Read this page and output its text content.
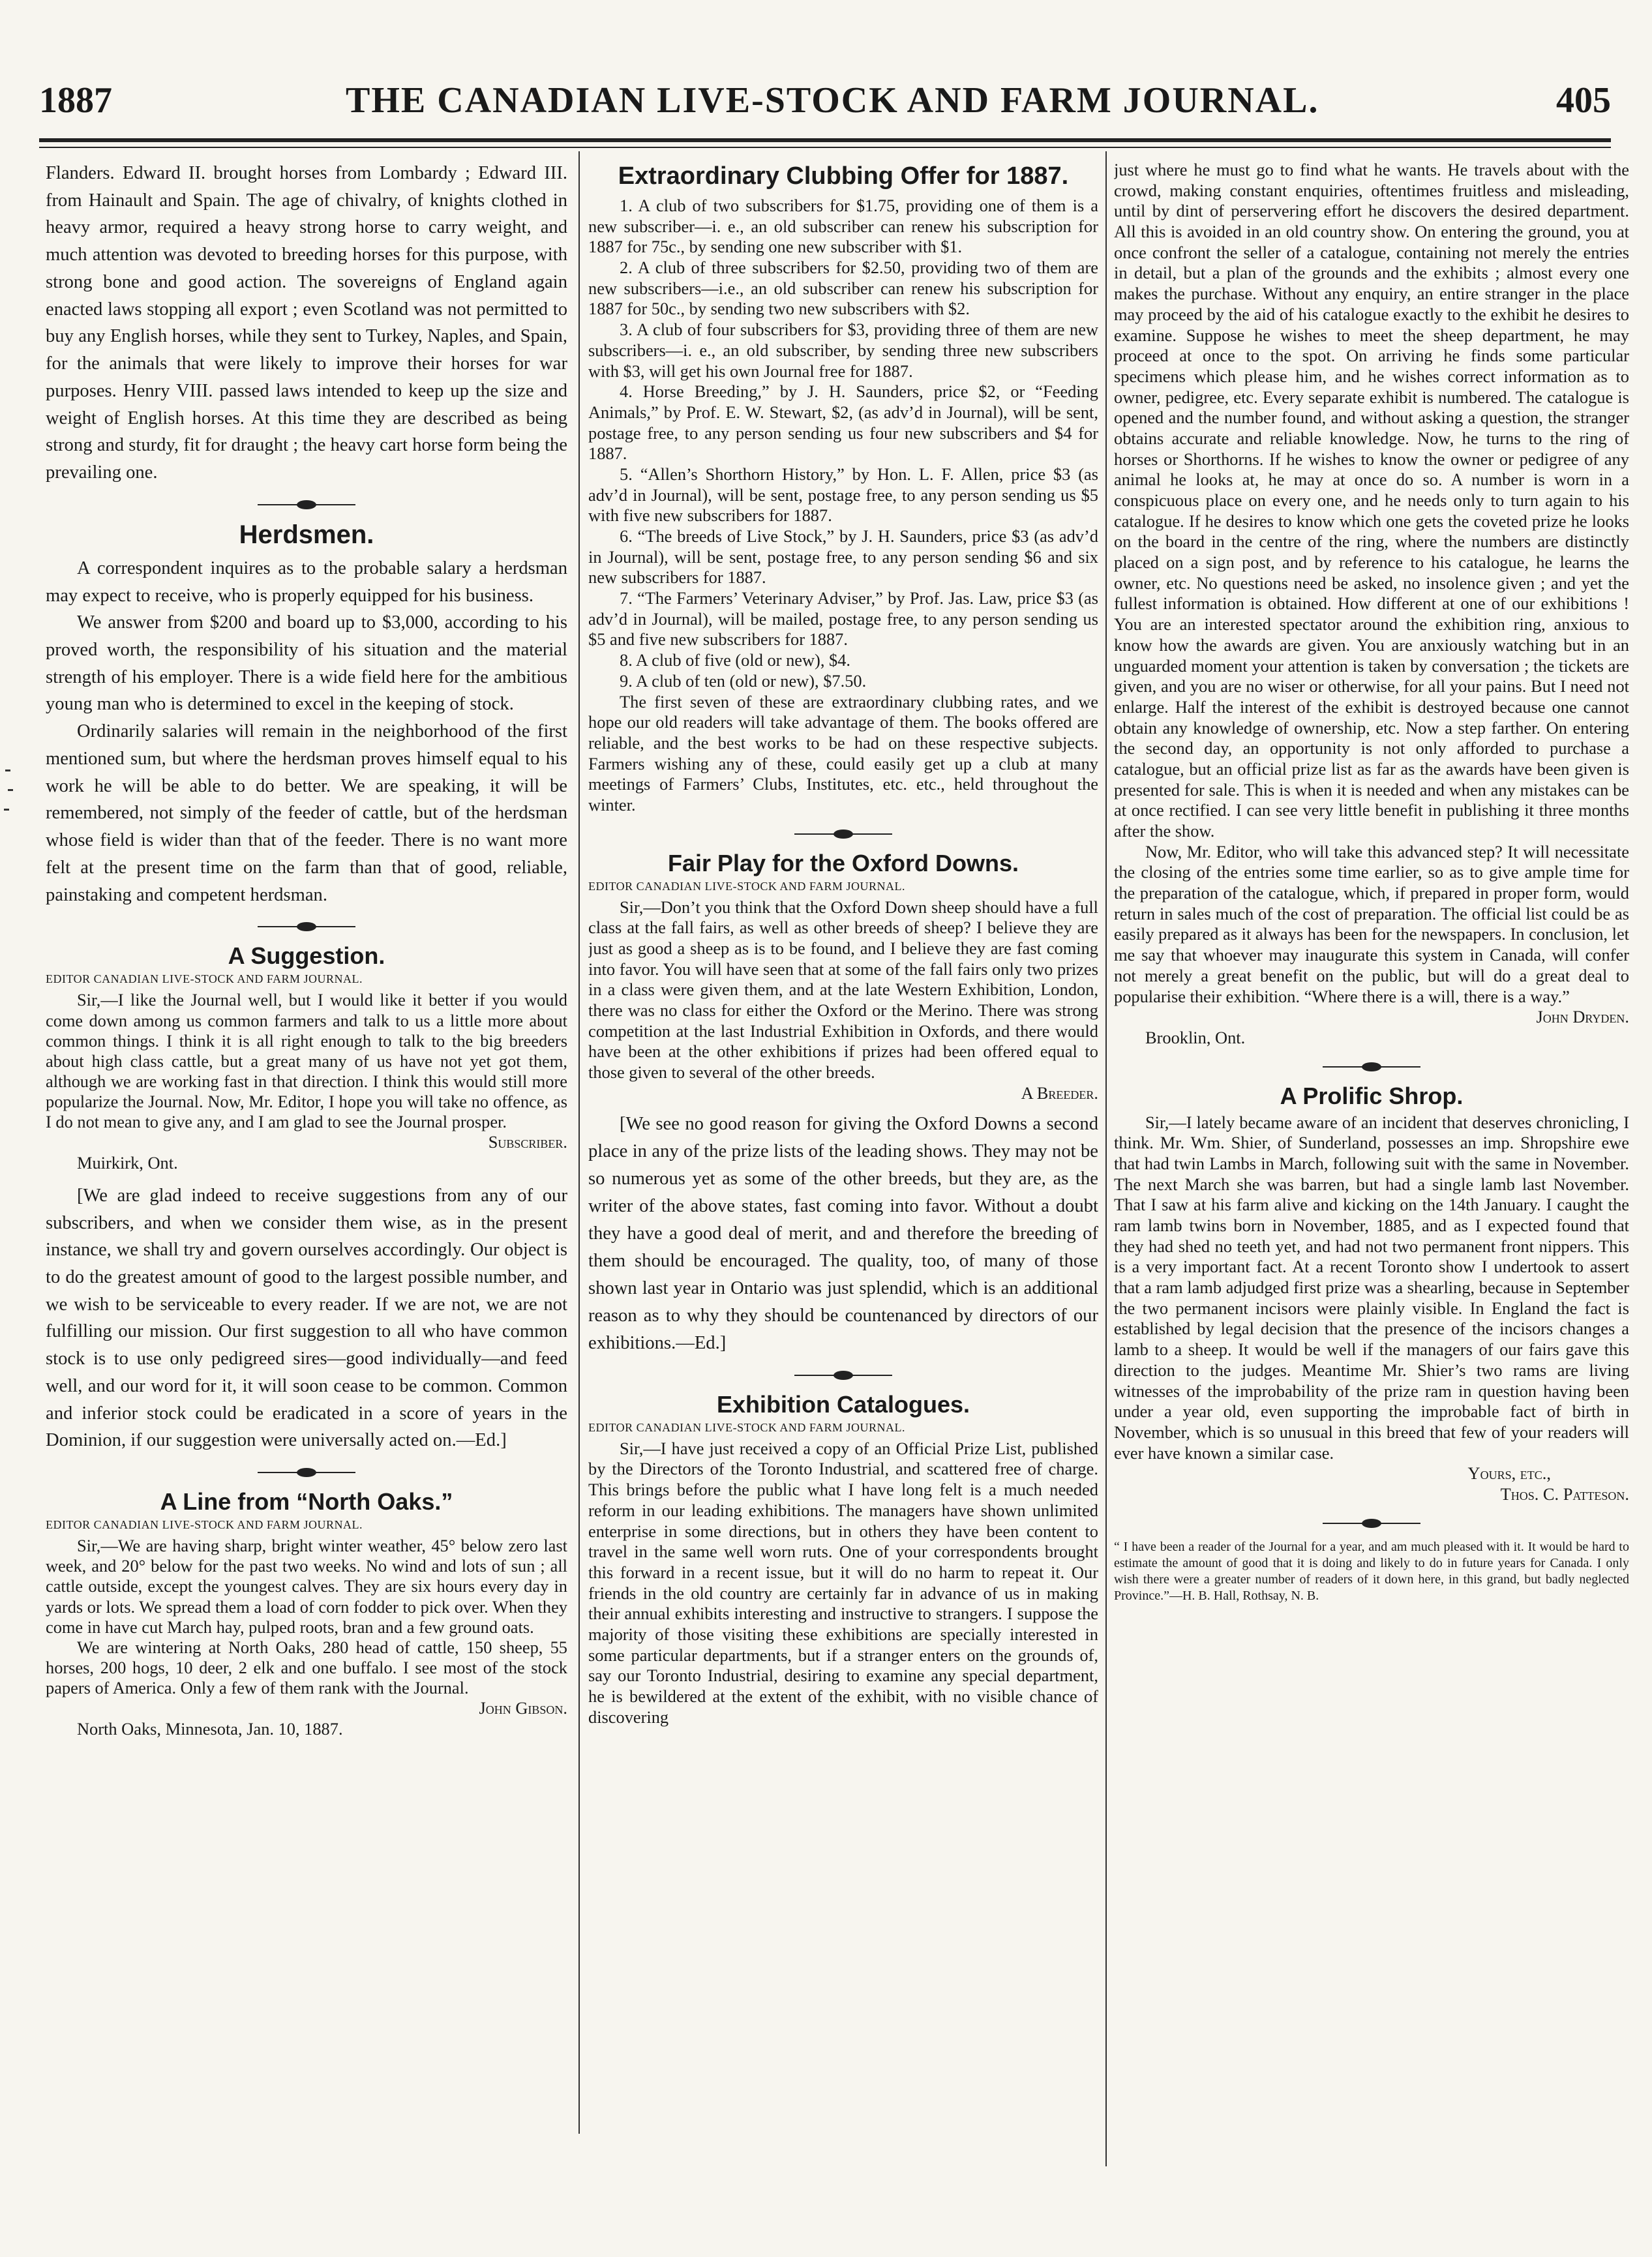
1887	THE CANADIAN LIVE-STOCK AND FARM JOURNAL.	405

Flanders. Edward II. brought horses from Lombardy ; Edward III. from Hainault and Spain. The age of chivalry, of knights clothed in heavy armor, required a heavy strong horse to carry weight, and much attention was devoted to breeding horses for this purpose, with strong bone and good action. The sovereigns of England again enacted laws stopping all export ; even Scotland was not permitted to buy any English horses, while they sent to Turkey, Naples, and Spain, for the animals that were likely to improve their horses for war purposes. Henry VIII. passed laws intended to keep up the size and weight of English horses. At this time they are described as being strong and sturdy, fit for draught ; the heavy cart horse form being the prevailing one.

Herdsmen.

A correspondent inquires as to the probable salary a herdsman may expect to receive, who is properly equipped for his business.

We answer from $200 and board up to $3,000, according to his proved worth, the responsibility of his situation and the material strength of his employer. There is a wide field here for the ambitious young man who is determined to excel in the keeping of stock.

Ordinarily salaries will remain in the neighborhood of the first mentioned sum, but where the herdsman proves himself equal to his work he will be able to do better. We are speaking, it will be remembered, not simply of the feeder of cattle, but of the herdsman whose field is wider than that of the feeder. There is no want more felt at the present time on the farm than that of good, reliable, painstaking and competent herdsman.

A Suggestion.
EDITOR CANADIAN LIVE-STOCK AND FARM JOURNAL.

Sir,—I like the Journal well, but I would like it better if you would come down among us common farmers and talk to us a little more about common things. I think it is all right enough to talk to the big breeders about high class cattle, but a great many of us have not yet got them, although we are working fast in that direction. I think this would still more popularize the Journal. Now, Mr. Editor, I hope you will take no offence, as I do not mean to give any, and I am glad to see the Journal prosper.

Subscriber.

Muirkirk, Ont.

[We are glad indeed to receive suggestions from any of our subscribers, and when we consider them wise, as in the present instance, we shall try and govern ourselves accordingly. Our object is to do the greatest amount of good to the largest possible number, and we wish to be serviceable to every reader. If we are not, we are not fulfilling our mission. Our first suggestion to all who have common stock is to use only pedigreed sires—good individually—and feed well, and our word for it, it will soon cease to be common. Common and inferior stock could be eradicated in a score of years in the Dominion, if our suggestion were universally acted on.—Ed.]

A Line from “North Oaks.”
EDITOR CANADIAN LIVE-STOCK AND FARM JOURNAL.

Sir,—We are having sharp, bright winter weather, 45° below zero last week, and 20° below for the past two weeks. No wind and lots of sun ; all cattle outside, except the youngest calves. They are six hours every day in yards or lots. We spread them a load of corn fodder to pick over. When they come in have cut March hay, pulped roots, bran and a few ground oats.

We are wintering at North Oaks, 280 head of cattle, 150 sheep, 55 horses, 200 hogs, 10 deer, 2 elk and one buffalo. I see most of the stock papers of America. Only a few of them rank with the Journal.

John Gibson.

North Oaks, Minnesota, Jan. 10, 1887.

Extraordinary Clubbing Offer for 1887.

1. A club of two subscribers for $1.75, providing one of them is a new subscriber—i. e., an old subscriber can renew his subscription for 1887 for 75c., by sending one new subscriber with $1.

2. A club of three subscribers for $2.50, providing two of them are new subscribers—i.e., an old subscriber can renew his subscription for 1887 for 50c., by sending two new subscribers with $2.

3. A club of four subscribers for $3, providing three of them are new subscribers—i. e., an old subscriber, by sending three new subscribers with $3, will get his own Journal free for 1887.

4. Horse Breeding,” by J. H. Saunders, price $2, or “Feeding Animals,” by Prof. E. W. Stewart, $2, (as adv’d in Journal), will be sent, postage free, to any person sending us four new subscribers and $4 for 1887.

5. “Allen’s Shorthorn History,” by Hon. L. F. Allen, price $3 (as adv’d in Journal), will be sent, postage free, to any person sending us $5 with five new subscribers for 1887.

6. “The breeds of Live Stock,” by J. H. Saunders, price $3 (as adv’d in Journal), will be sent, postage free, to any person sending $6 and six new subscribers for 1887.

7. “The Farmers’ Veterinary Adviser,” by Prof. Jas. Law, price $3 (as adv’d in Journal), will be mailed, postage free, to any person sending us $5 and five new subscribers for 1887.

8. A club of five (old or new), $4.

9. A club of ten (old or new), $7.50.

The first seven of these are extraordinary clubbing rates, and we hope our old readers will take advantage of them. The books offered are reliable, and the best works to be had on these respective subjects. Farmers wishing any of these, could easily get up a club at many meetings of Farmers’ Clubs, Institutes, etc. etc., held throughout the winter.

Fair Play for the Oxford Downs.
EDITOR CANADIAN LIVE-STOCK AND FARM JOURNAL.

Sir,—Don’t you think that the Oxford Down sheep should have a full class at the fall fairs, as well as other breeds of sheep? I believe they are just as good a sheep as is to be found, and I believe they are fast coming into favor. You will have seen that at some of the fall fairs only two prizes in a class were given them, and at the late Western Exhibition, London, there was no class for either the Oxford or the Merino. There was strong competition at the last Industrial Exhibition in Oxfords, and there would have been at the other exhibitions if prizes had been offered equal to those given to several of the other breeds.

A Breeder.

[We see no good reason for giving the Oxford Downs a second place in any of the prize lists of the leading shows. They may not be so numerous yet as some of the other breeds, but they are, as the writer of the above states, fast coming into favor. Without a doubt they have a good deal of merit, and and therefore the breeding of them should be encouraged. The quality, too, of many of those shown last year in Ontario was just splendid, which is an additional reason as to why they should be countenanced by directors of our exhibitions.—Ed.]

Exhibition Catalogues.
EDITOR CANADIAN LIVE-STOCK AND FARM JOURNAL.

Sir,—I have just received a copy of an Official Prize List, published by the Directors of the Toronto Industrial, and scattered free of charge. This brings before the public what I have long felt is a much needed reform in our leading exhibitions. The managers have shown unlimited enterprise in some directions, but in others they have been content to travel in the same well worn ruts. One of your correspondents brought this forward in a recent issue, but it will do no harm to repeat it. Our friends in the old country are certainly far in advance of us in making their annual exhibits interesting and instructive to strangers. I suppose the majority of those visiting these exhibitions are specially interested in some particular departments, but if a stranger enters on the grounds of, say our Toronto Industrial, desiring to examine any special department, he is bewildered at the extent of the exhibit, with no visible chance of discovering

just where he must go to find what he wants. He travels about with the crowd, making constant enquiries, oftentimes fruitless and misleading, until by dint of perservering effort he discovers the desired department. All this is avoided in an old country show. On entering the ground, you at once confront the seller of a catalogue, containing not merely the entries in detail, but a plan of the grounds and the exhibits ; almost every one makes the purchase. Without any enquiry, an entire stranger in the place may proceed by the aid of his catalogue exactly to the exhibit he desires to examine. Suppose he wishes to meet the sheep department, he may proceed at once to the spot. On arriving he finds some particular specimens which please him, and he wishes correct information as to owner, pedigree, etc. Every separate exhibit is numbered. The catalogue is opened and the number found, and without asking a question, the stranger obtains accurate and reliable knowledge. Now, he turns to the ring of horses or Shorthorns. If he wishes to know the owner or pedigree of any animal he looks at, he may at once do so. A number is worn in a conspicuous place on every one, and he needs only to turn again to his catalogue. If he desires to know which one gets the coveted prize he looks on the board in the centre of the ring, where the numbers are distinctly placed on a sign post, and by reference to his catalogue, he learns the owner, etc. No questions need be asked, no insolence given ; and yet the fullest information is obtained. How different at one of our exhibitions ! You are an interested spectator around the exhibition ring, anxious to know how the awards are given. You are anxiously watching but in an unguarded moment your attention is taken by conversation ; the tickets are given, and you are no wiser or otherwise, for all your pains. But I need not enlarge. Half the interest of the exhibit is destroyed because one cannot obtain any knowledge of ownership, etc. Now a step farther. On entering the second day, an opportunity is not only afforded to purchase a catalogue, but an official prize list as far as the awards have been given is presented for sale. This is when it is needed and when any mistakes can be at once rectified. I can see very little benefit in publishing it three months after the show.

Now, Mr. Editor, who will take this advanced step? It will necessitate the closing of the entries some time earlier, so as to give ample time for the preparation of the catalogue, which, if prepared in proper form, would return in sales much of the cost of preparation. The official list could be as easily prepared as it always has been for the newspapers. In conclusion, let me say that whoever may inaugurate this system in Canada, will confer not merely a great benefit on the public, but will do a great deal to popularise their exhibition. “Where there is a will, there is a way.”

John Dryden.

Brooklin, Ont.

A Prolific Shrop.

Sir,—I lately became aware of an incident that deserves chronicling, I think. Mr. Wm. Shier, of Sunderland, possesses an imp. Shropshire ewe that had twin Lambs in March, following suit with the same in November. The next March she was barren, but had a single lamb last November. That I saw at his farm alive and kicking on the 14th January. I caught the ram lamb twins born in November, 1885, and as I expected found that they had shed no teeth yet, and had not two permanent front nippers. This is a very important fact. At a recent Toronto show I undertook to assert that a ram lamb adjudged first prize was a shearling, because in September the two permanent incisors were plainly visible. In England the fact is established by legal decision that the presence of the incisors changes a lamb to a sheep. It would be well if the managers of our fairs gave this direction to the judges. Meantime Mr. Shier’s two rams are living witnesses of the improbability of the prize ram in question having been under a year old, even supporting the improbable fact of birth in November, which is so unusual in this breed that few of your readers will ever have known a similar case.

Yours, etc.,

Thos. C. Patteson.

“ I have been a reader of the Journal for a year, and am much pleased with it. It would be hard to estimate the amount of good that it is doing and likely to do in future years for Canada. I only wish there were a greater number of readers of it down here, in this grand, but badly neglected Province.”—H. B. Hall, Rothsay, N. B.
